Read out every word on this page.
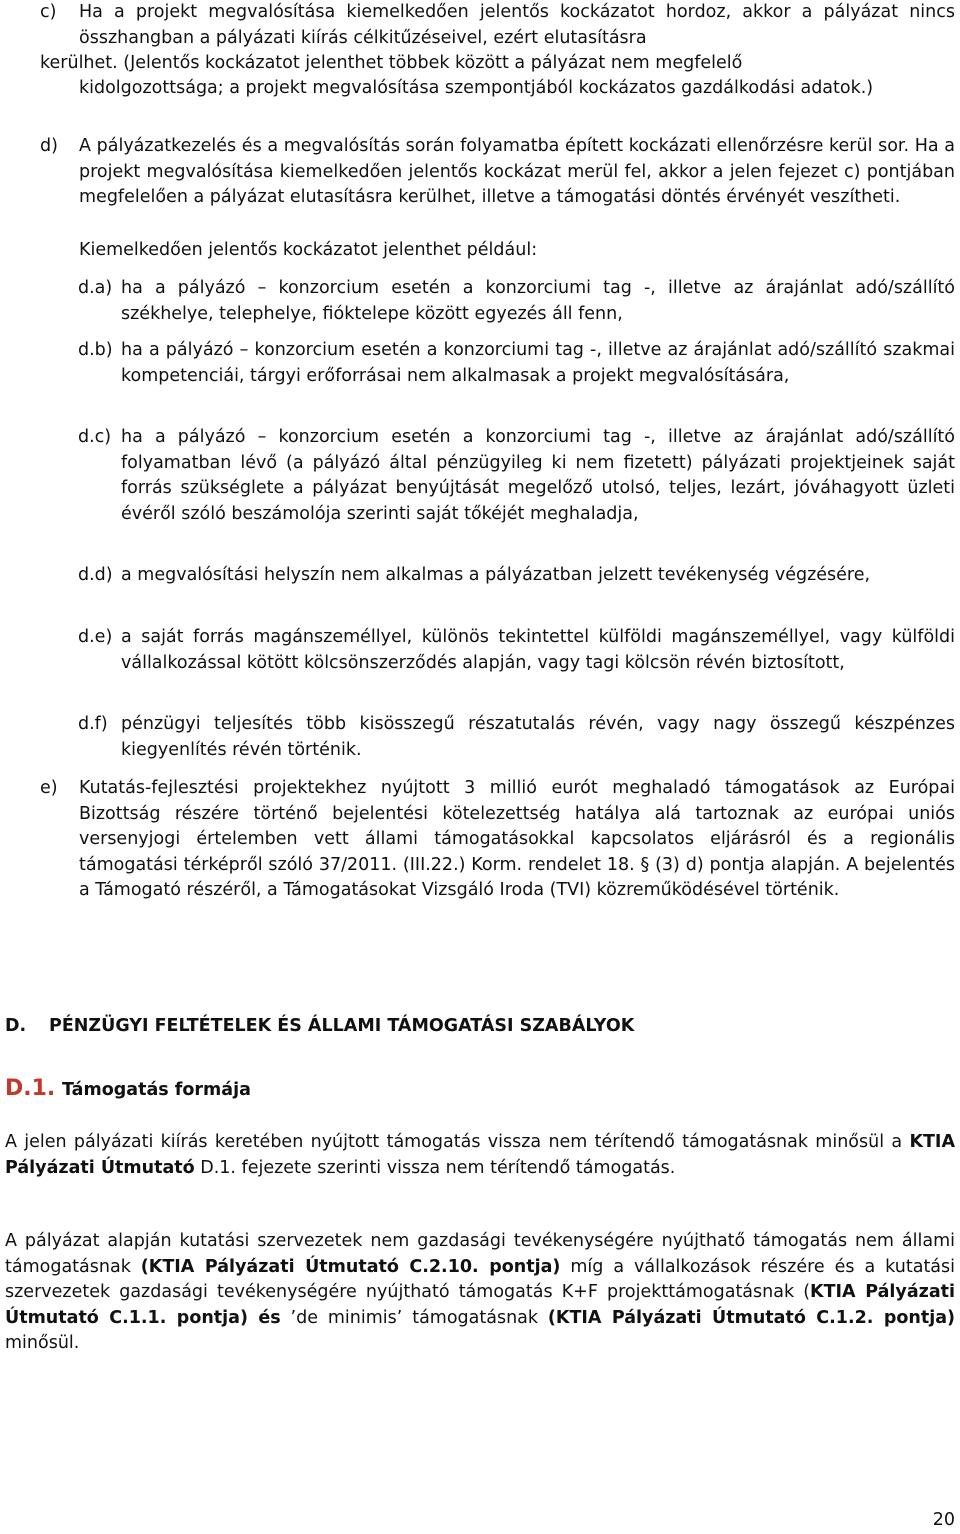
c) Ha a projekt megvalósítása kiemelkedően jelentős kockázatot hordoz, akkor a pályázat nincs összhangban a pályázati kiírás célkitűzéseivel, ezért elutasításra
kerülhet. (Jelentős kockázatot jelenthet többek között a pályázat nem megfelelő
kidolgozottsága; a projekt megvalósítása szempontjából kockázatos gazdálkodási adatok.)
d) A pályázatkezelés és a megvalósítás során folyamatba épített kockázati ellenőrzésre kerül sor. Ha a projekt megvalósítása kiemelkedően jelentős kockázat merül fel, akkor a jelen fejezet c) pontjában megfelelően a pályázat elutasításra kerülhet, illetve a támogatási döntés érvényét veszítheti.
Kiemelkedően jelentős kockázatot jelenthet például:
d.a) ha a pályázó – konzorcium esetén a konzorciumi tag -, illetve az árajánlat adó/szállító székhelye, telephelye, fióktelepe között egyezés áll fenn,
d.b) ha a pályázó – konzorcium esetén a konzorciumi tag -, illetve az árajánlat adó/szállító szakmai kompetenciái, tárgyi erőforrásai nem alkalmasak a projekt megvalósítására,
d.c) ha a pályázó – konzorcium esetén a konzorciumi tag -, illetve az árajánlat adó/szállító folyamatban lévő (a pályázó által pénzügyileg ki nem fizetett) pályázati projektjeinek saját forrás szükséglete a pályázat benyújtását megelőző utolsó, teljes, lezárt, jóváhagyott üzleti évéről szóló beszámolója szerinti saját tőkéjét meghaladja,
d.d) a megvalósítási helyszín nem alkalmas a pályázatban jelzett tevékenység végzésére,
d.e) a saját forrás magánszeméllyel, különös tekintettel külföldi magánszeméllyel, vagy külföldi vállalkozással kötött kölcsönszerződés alapján, vagy tagi kölcsön révén biztosított,
d.f) pénzügyi teljesítés több kisösszegű részatutalás révén, vagy nagy összegű készpénzes kiegyenlítés révén történik.
e) Kutatás-fejlesztési projektekhez nyújtott 3 millió eurót meghaladó támogatások az Európai Bizottság részére történő bejelentési kötelezettség hatálya alá tartoznak az európai uniós versenyjogi értelemben vett állami támogatásokkal kapcsolatos eljárásról és a regionális támogatási térképről szóló 37/2011. (III.22.) Korm. rendelet 18. § (3) d) pontja alapján. A bejelentés a Támogató részéről, a Támogatásokat Vizsgáló Iroda (TVI) közreműködésével történik.
D. PÉNZÜGYI FELTÉTELEK ÉS ÁLLAMI TÁMOGATÁSI SZABÁLYOK
D.1. Támogatás formája
A jelen pályázati kiírás keretében nyújtott támogatás vissza nem térítendő támogatásnak minősül a KTIA Pályázati Útmutató D.1. fejezete szerinti vissza nem térítendő támogatás.
A pályázat alapján kutatási szervezetek nem gazdasági tevékenységére nyújthatő támogatás nem állami támogatásnak (KTIA Pályázati Útmutató C.2.10. pontja) míg a vállalkozások részére és a kutatási szervezetek gazdasági tevékenységére nyújtható támogatás K+F projekttámogatásnak (KTIA Pályázati Útmutató C.1.1. pontja) és ’de minimis’ támogatásnak (KTIA Pályázati Útmutató C.1.2. pontja) minősül.
20
